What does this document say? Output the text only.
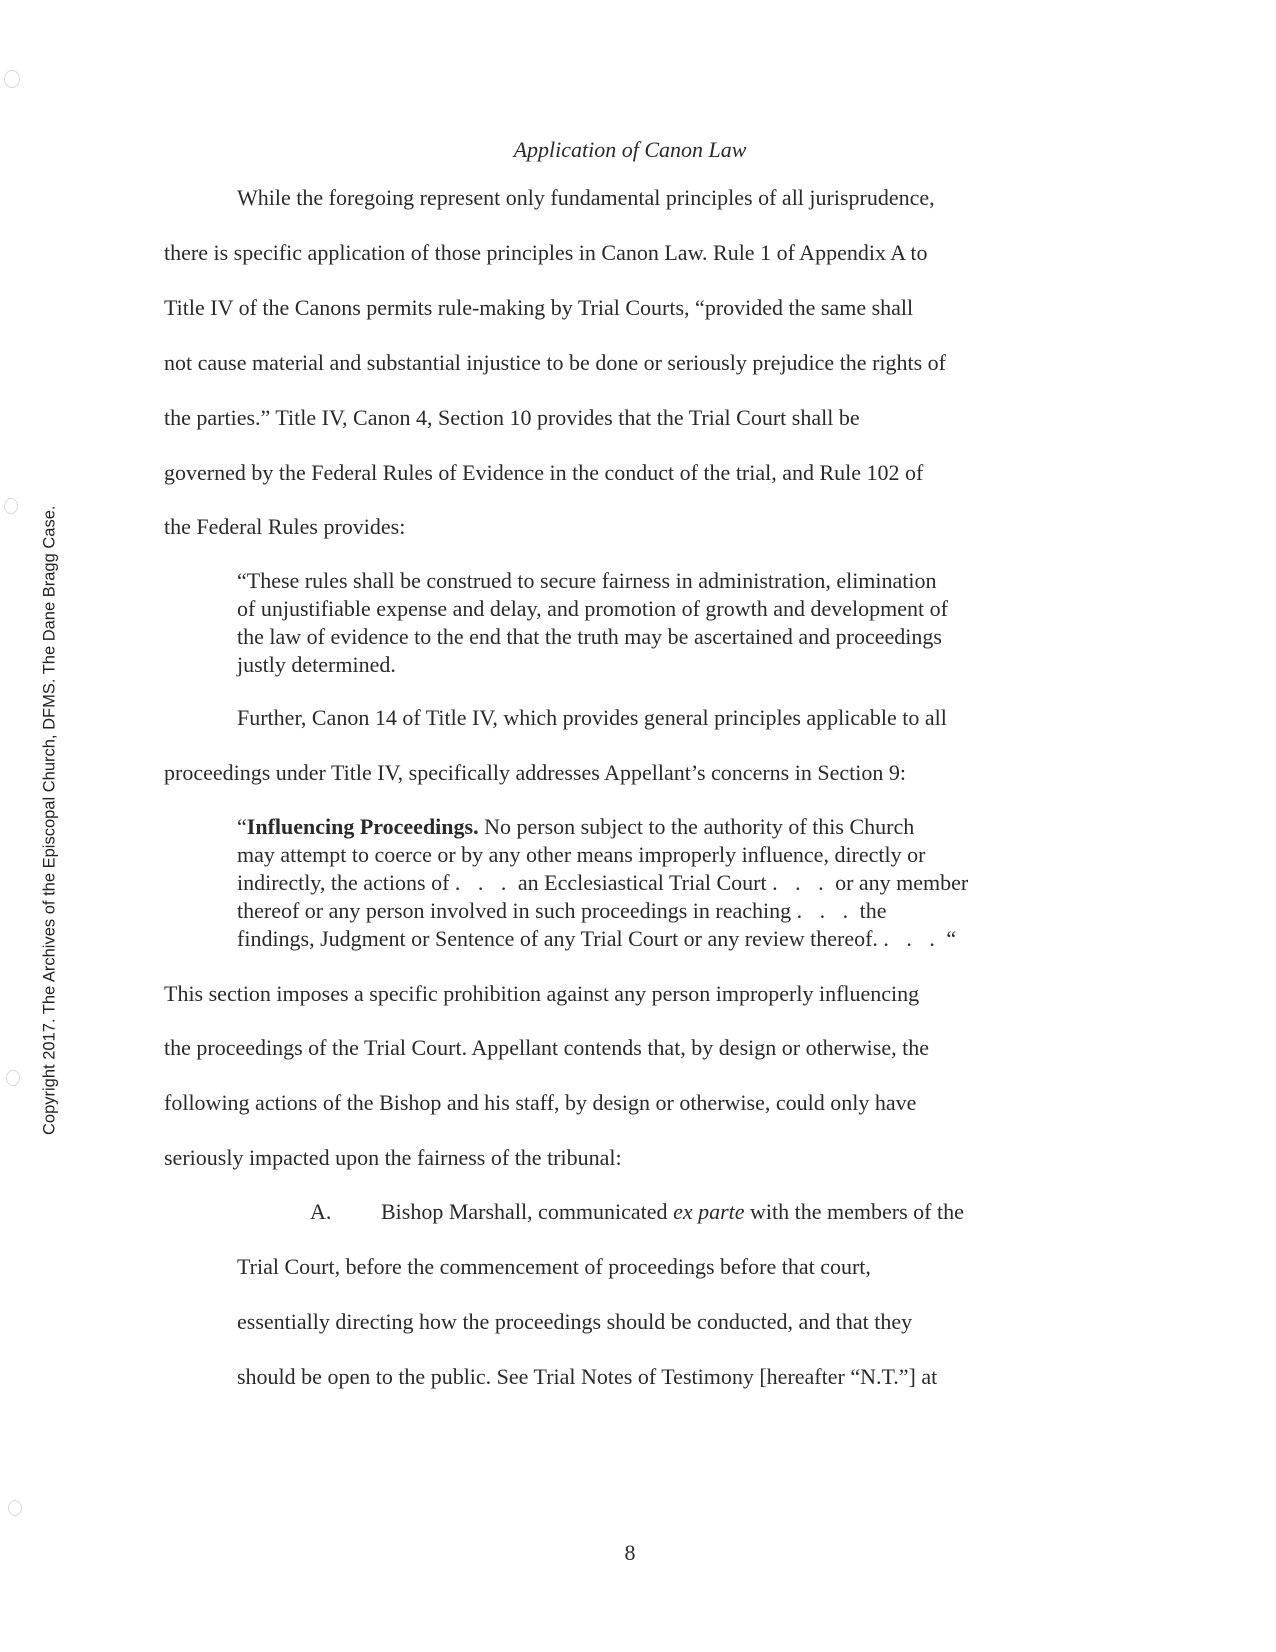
Copyright 2017. The Archives of the Episcopal Church, DFMS. The Dane Bragg Case.
Application of Canon Law
While the foregoing represent only fundamental principles of all jurisprudence,
there is specific application of those principles in Canon Law. Rule 1 of Appendix A to
Title IV of the Canons permits rule-making by Trial Courts, “provided the same shall
not cause material and substantial injustice to be done or seriously prejudice the rights of
the parties.” Title IV, Canon 4, Section 10 provides that the Trial Court shall be
governed by the Federal Rules of Evidence in the conduct of the trial, and Rule 102 of
the Federal Rules provides:
“These rules shall be construed to secure fairness in administration, elimination
of unjustifiable expense and delay, and promotion of growth and development of
the law of evidence to the end that the truth may be ascertained and proceedings
justly determined.
Further, Canon 14 of Title IV, which provides general principles applicable to all
proceedings under Title IV, specifically addresses Appellant’s concerns in Section 9:
“Influencing Proceedings. No person subject to the authority of this Church
may attempt to coerce or by any other means improperly influence, directly or
indirectly, the actions of . . . an Ecclesiastical Trial Court . . . or any member
thereof or any person involved in such proceedings in reaching . . . the
findings, Judgment or Sentence of any Trial Court or any review thereof. . . . “
This section imposes a specific prohibition against any person improperly influencing
the proceedings of the Trial Court. Appellant contends that, by design or otherwise, the
following actions of the Bishop and his staff, by design or otherwise, could only have
seriously impacted upon the fairness of the tribunal:
A. Bishop Marshall, communicated ex parte with the members of the
Trial Court, before the commencement of proceedings before that court,
essentially directing how the proceedings should be conducted, and that they
should be open to the public. See Trial Notes of Testimony [hereafter “N.T.”] at
8
